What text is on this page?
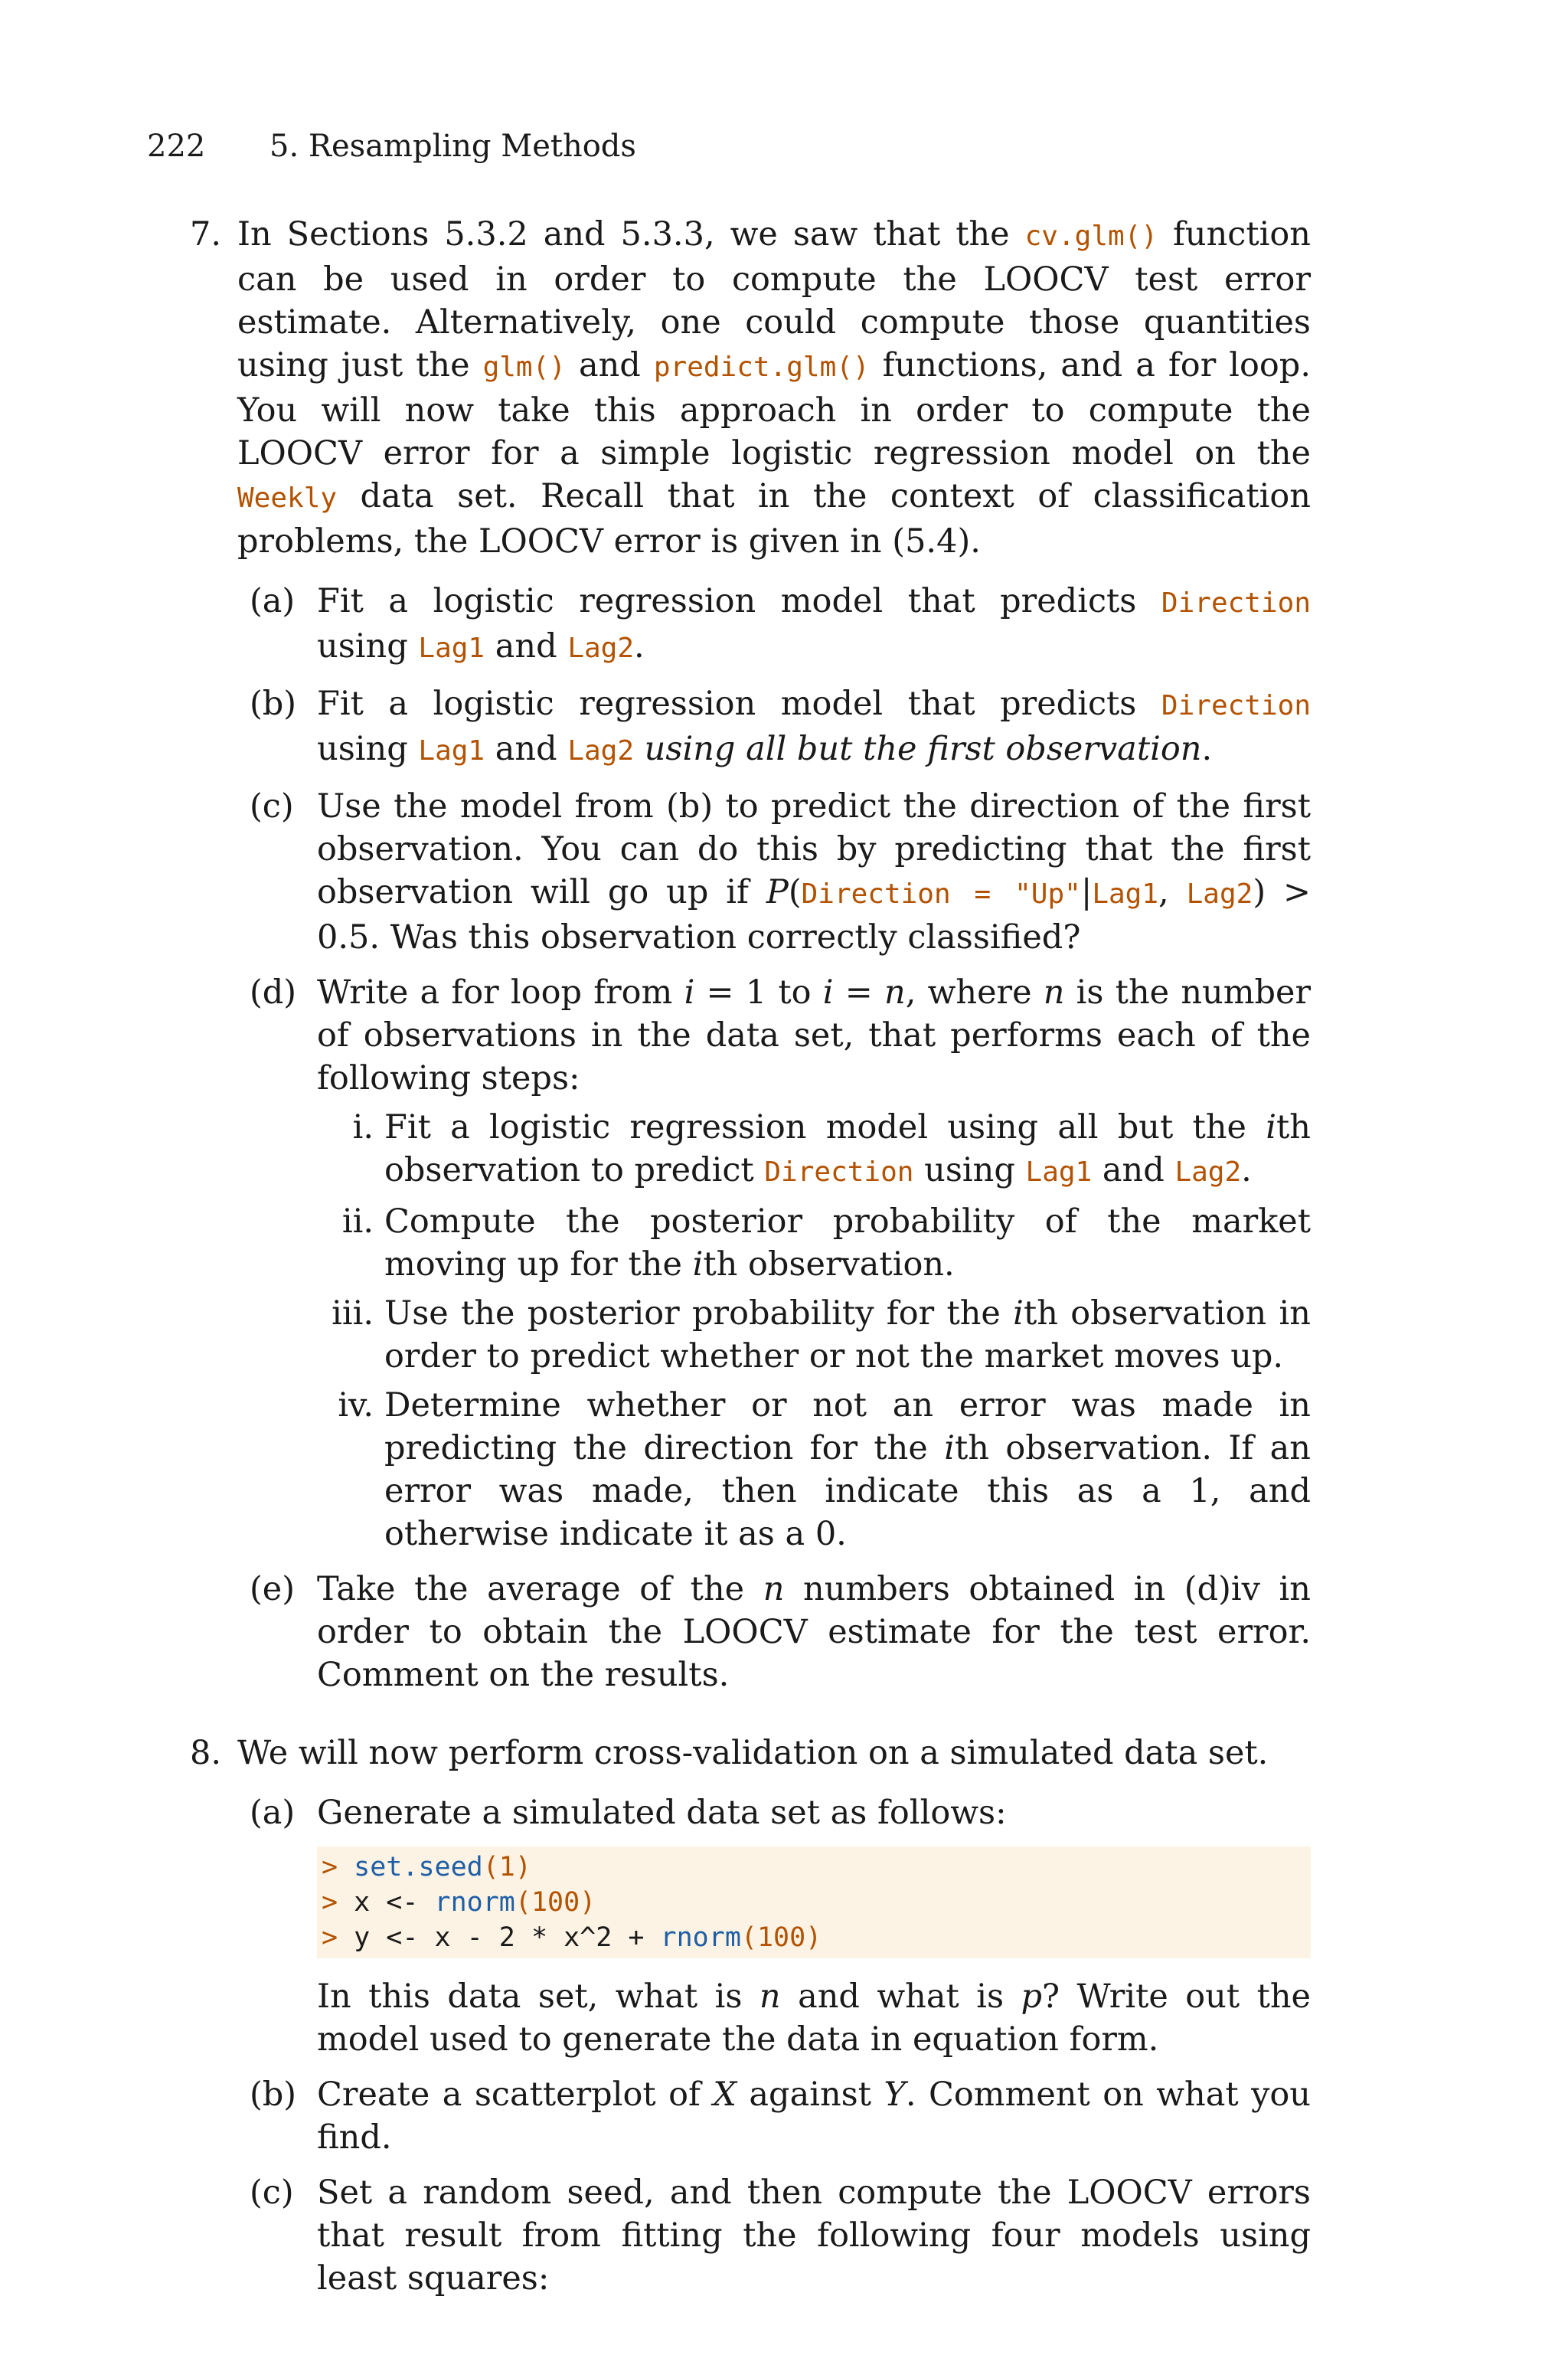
222 5. Resampling Methods
7. In Sections 5.3.2 and 5.3.3, we saw that the cv.glm() function can be used in order to compute the LOOCV test error estimate. Alternatively, one could compute those quantities using just the glm() and predict.glm() functions, and a for loop. You will now take this approach in order to compute the LOOCV error for a simple logistic regression model on the Weekly data set. Recall that in the context of classification problems, the LOOCV error is given in (5.4).

(a) Fit a logistic regression model that predicts Direction using Lag1 and Lag2.
(b) Fit a logistic regression model that predicts Direction using Lag1 and Lag2 using all but the first observation.
(c) Use the model from (b) to predict the direction of the first observation. You can do this by predicting that the first observation will go up if P(Direction = "Up"|Lag1, Lag2) > 0.5. Was this observation correctly classified?
(d) Write a for loop from i = 1 to i = n, where n is the number of observations in the data set, that performs each of the following steps:
i. Fit a logistic regression model using all but the ith observation to predict Direction using Lag1 and Lag2.
ii. Compute the posterior probability of the market moving up for the ith observation.
iii. Use the posterior probability for the ith observation in order to predict whether or not the market moves up.
iv. Determine whether or not an error was made in predicting the direction for the ith observation. If an error was made, then indicate this as a 1, and otherwise indicate it as a 0.
(e) Take the average of the n numbers obtained in (d)iv in order to obtain the LOOCV estimate for the test error. Comment on the results.
8. We will now perform cross-validation on a simulated data set.

(a) Generate a simulated data set as follows:
> set.seed(1)
> x <- rnorm(100)
> y <- x - 2 * x^2 + rnorm(100)

In this data set, what is n and what is p? Write out the model used to generate the data in equation form.

(b) Create a scatterplot of X against Y. Comment on what you find.
(c) Set a random seed, and then compute the LOOCV errors that result from fitting the following four models using least squares:
